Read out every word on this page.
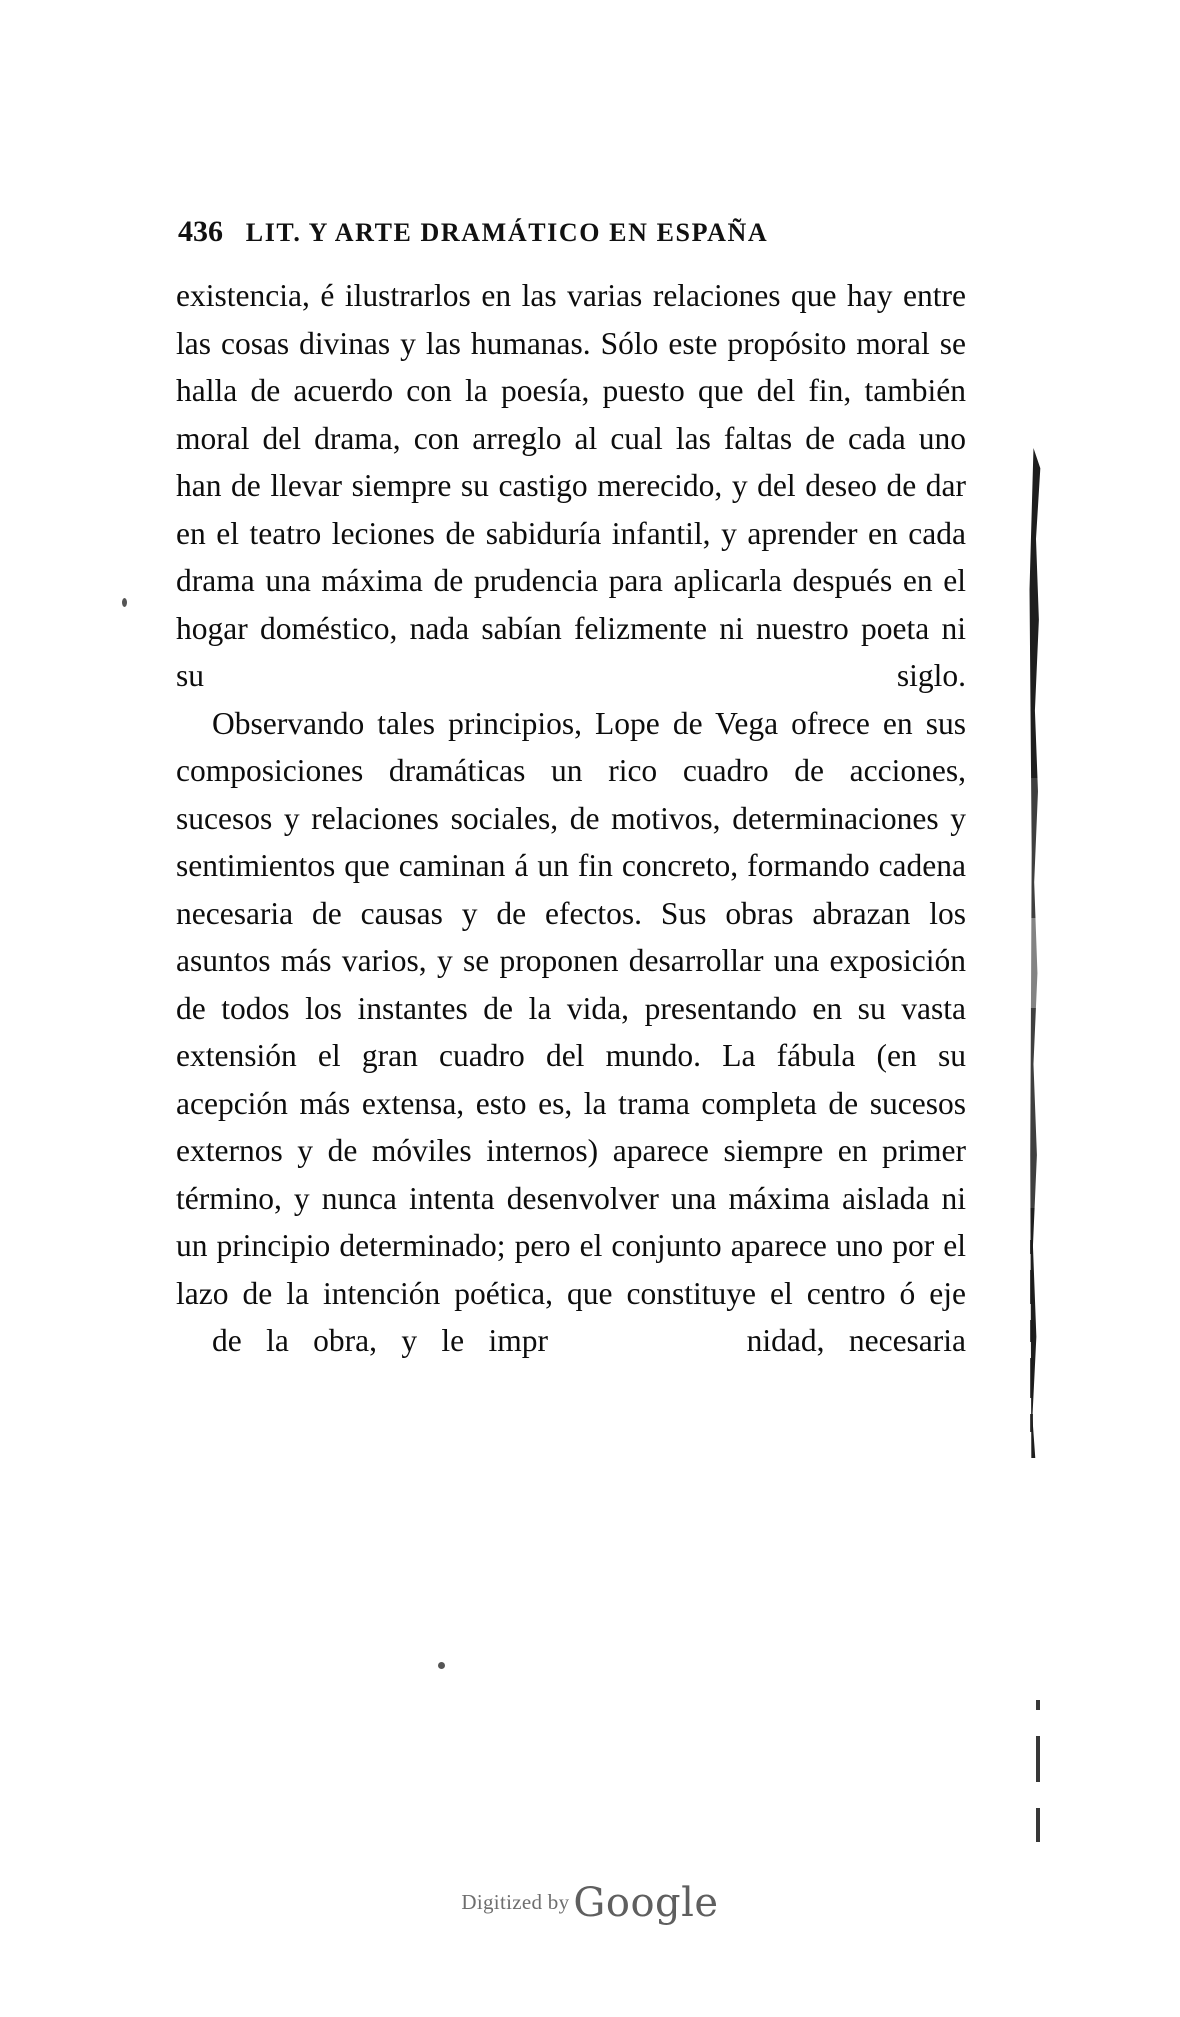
436 LIT. Y ARTE DRAMÁTICO EN ESPAÑA

existencia, é ilustrarlos en las varias relaciones que hay entre las cosas divinas y las humanas. Sólo este propósito moral se halla de acuerdo con la poesía, puesto que del fin, también moral del drama, con arreglo al cual las faltas de cada uno han de llevar siempre su castigo merecido, y del deseo de dar en el teatro leciones de sabiduría infantil, y aprender en cada drama una máxima de prudencia para aplicarla después en el hogar doméstico, nada sabían felizmente ni nuestro poeta ni su siglo.

Observando tales principios, Lope de Vega ofrece en sus composiciones dramáticas un rico cuadro de acciones, sucesos y relaciones sociales, de motivos, determinaciones y sentimientos que caminan á un fin concreto, formando cadena necesaria de causas y de efectos. Sus obras abrazan los asuntos más varios, y se proponen desarrollar una exposición de todos los instantes de la vida, presentando en su vasta extensión el gran cuadro del mundo. La fábula (en su acepción más extensa, esto es, la trama completa de sucesos externos y de móviles internos) aparece siempre en primer término, y nunca intenta desenvolver una máxima aislada ni un principio determinado; pero el conjunto aparece uno por el lazo de la intención poética, que constituye el centro ó eje
de la obra, y le impr	nidad, necesaria

Digitized by Google
